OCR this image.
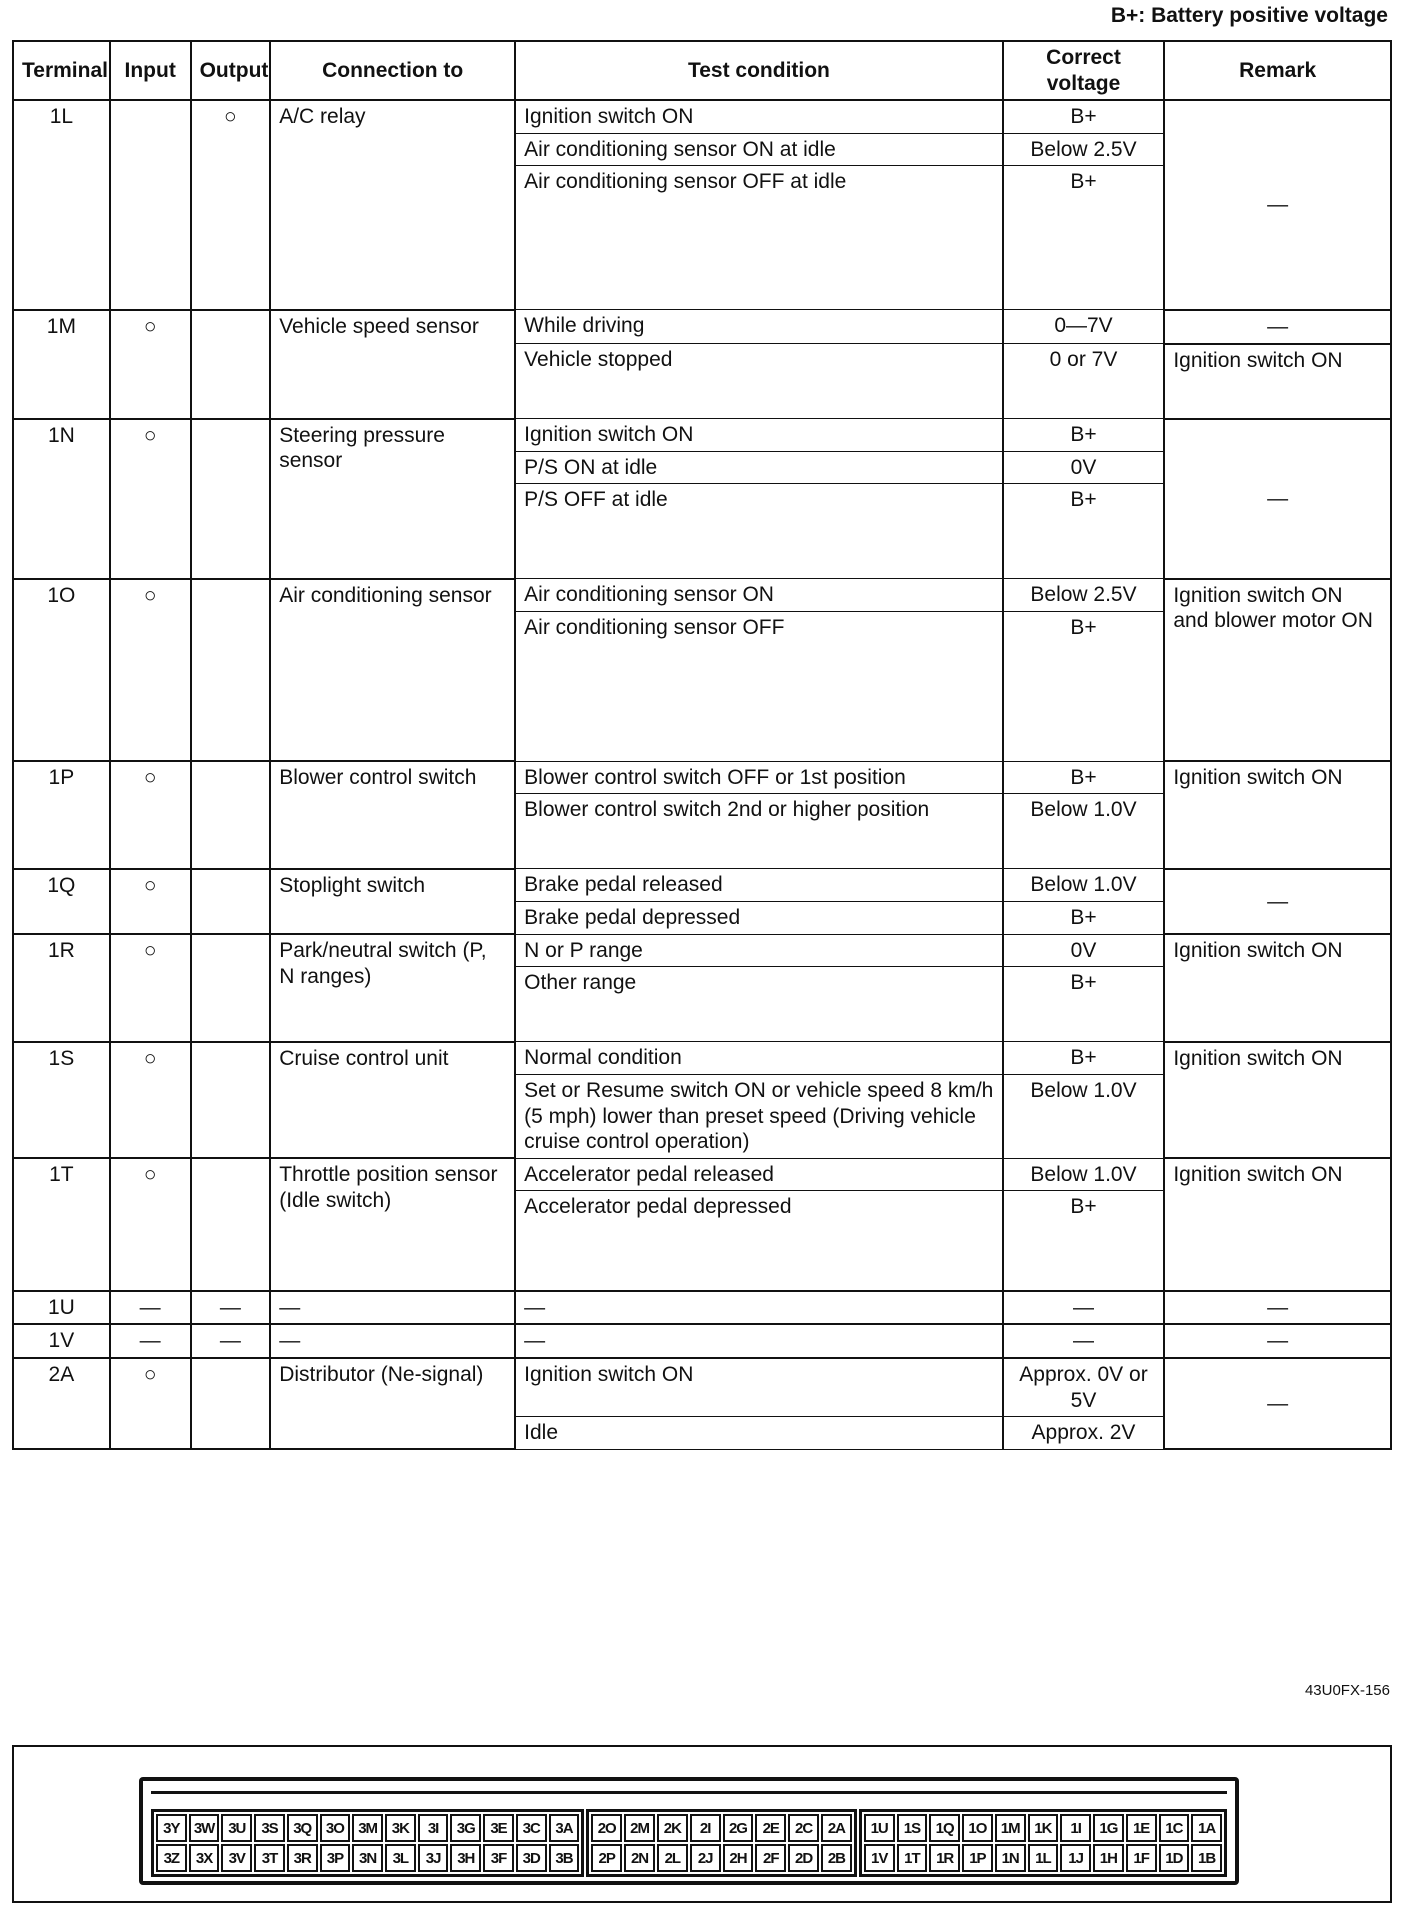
B+: Battery positive voltage
Terminal	Input	Output	Connection to	Test condition	Correct voltage	Remark
1L		○	A/C relay	Ignition switch ON	B+	—
				Air conditioning sensor ON at idle	Below 2.5V	
				Air conditioning sensor OFF at idle	B+	
1M	○		Vehicle speed sensor	While driving	0—7V	—
				Vehicle stopped	0 or 7V	Ignition switch ON
1N	○		Steering pressure sensor	Ignition switch ON	B+	—
				P/S ON at idle	0V	
				P/S OFF at idle	B+	
1O	○		Air conditioning sensor	Air conditioning sensor ON	Below 2.5V	Ignition switch ON and blower motor ON
				Air conditioning sensor OFF	B+	
1P	○		Blower control switch	Blower control switch OFF or 1st position	B+	Ignition switch ON
				Blower control switch 2nd or higher position	Below 1.0V	
1Q	○		Stoplight switch	Brake pedal released	Below 1.0V	—
				Brake pedal depressed	B+	
1R	○		Park/neutral switch (P, N ranges)	N or P range	0V	Ignition switch ON
				Other range	B+	
1S	○		Cruise control unit	Normal condition	B+	Ignition switch ON
				Set or Resume switch ON or vehicle speed 8 km/h (5 mph) lower than preset speed (Driving vehicle cruise control operation)	Below 1.0V	
1T	○		Throttle position sensor (Idle switch)	Accelerator pedal released	Below 1.0V	Ignition switch ON
				Accelerator pedal depressed	B+	
1U	—	—	—	—	—	—
1V	—	—	—	—	—	—
2A	○		Distributor (Ne-signal)	Ignition switch ON	Approx. 0V or 5V	—
				Idle	Approx. 2V	
43U0FX-156
3Y 3W 3U	3S	3Q 3O 3M 3K	3I	3G	3E	3C	3A
3Z	3X	3V	3T	3R	3P	3N	3L	3J	3H	3F	3D	3B
2O 2M 2K	2I	2G	2E	2C	2A
2P	2N	2L	2J	2H	2F	2D	2B
1U	1S	1Q 1O 1M 1K	1I	1G	1E	1C	1A
1V	1T	1R	1P	1N	1L	1J	1H	1F	1D	1B
